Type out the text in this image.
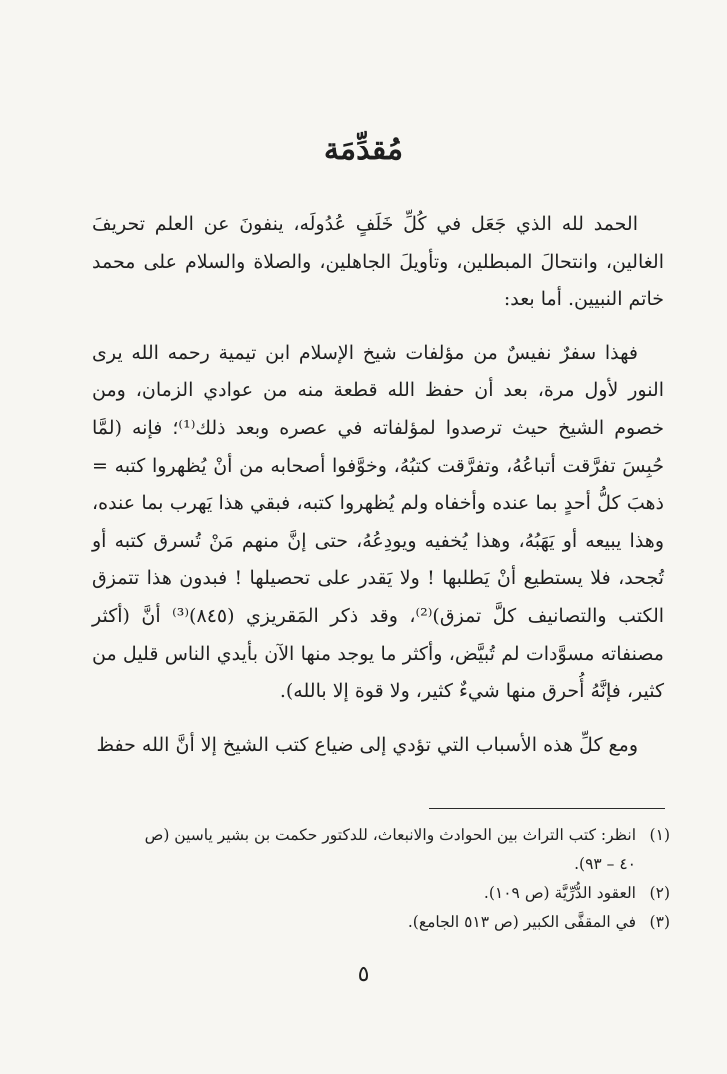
مُقدِّمَة

الحمد لله الذي جَعَل في كُلِّ خَلَفٍ عُدُولَه، ينفونَ عن العلم تحريفَ الغالين، وانتحالَ المبطلين، وتأويلَ الجاهلين، والصلاة والسلام على محمد خاتم النبيين. أما بعد:

فهذا سفرٌ نفيسٌ من مؤلفات شيخ الإسلام ابن تيمية رحمه الله يرى النور لأول مرة، بعد أن حفظ الله قطعة منه من عوادي الزمان، ومن خصوم الشيخ حيث ترصدوا لمؤلفاته في عصره وبعد ذلك⁽¹⁾؛ فإنه (لمَّا حُبِسَ تفرَّقت أتباعُهُ، وتفرَّقت كتبُهُ، وخوَّفوا أصحابه من أنْ يُظهروا كتبه = ذهبَ كلُّ أحدٍ بما عنده وأخفاه ولم يُظهروا كتبه، فبقي هذا يَهرب بما عنده، وهذا يبيعه أو يَهَبُهُ، وهذا يُخفيه ويودِعُهُ، حتى إنَّ منهم مَنْ تُسرق كتبه أو تُجحد، فلا يستطيع أنْ يَطلبها ! ولا يَقدر على تحصيلها ! فبدون هذا تتمزق الكتب والتصانيف كلَّ تمزق)⁽²⁾، وقد ذكر المَقريزي (٨٤٥)⁽³⁾ أنَّ (أكثر مصنفاته مسوَّدات لم تُبيَّض، وأكثر ما يوجد منها الآن بأيدي الناس قليل من كثير، فإنَّهُ أُحرق منها شيءٌ كثير، ولا قوة إلا بالله).

ومع كلِّ هذه الأسباب التي تؤدي إلى ضياع كتب الشيخ إلا أنَّ الله حفظ

(١)
انظر: كتب التراث بين الحوادث والانبعاث، للدكتور حكمت بن بشير ياسين (ص
٤٠ – ٩٣).
(٢)
العقود الدُّرِّيَّة (ص ١٠٩).
(٣)
في المقفَّى الكبير (ص ٥١٣ الجامع).
٥
